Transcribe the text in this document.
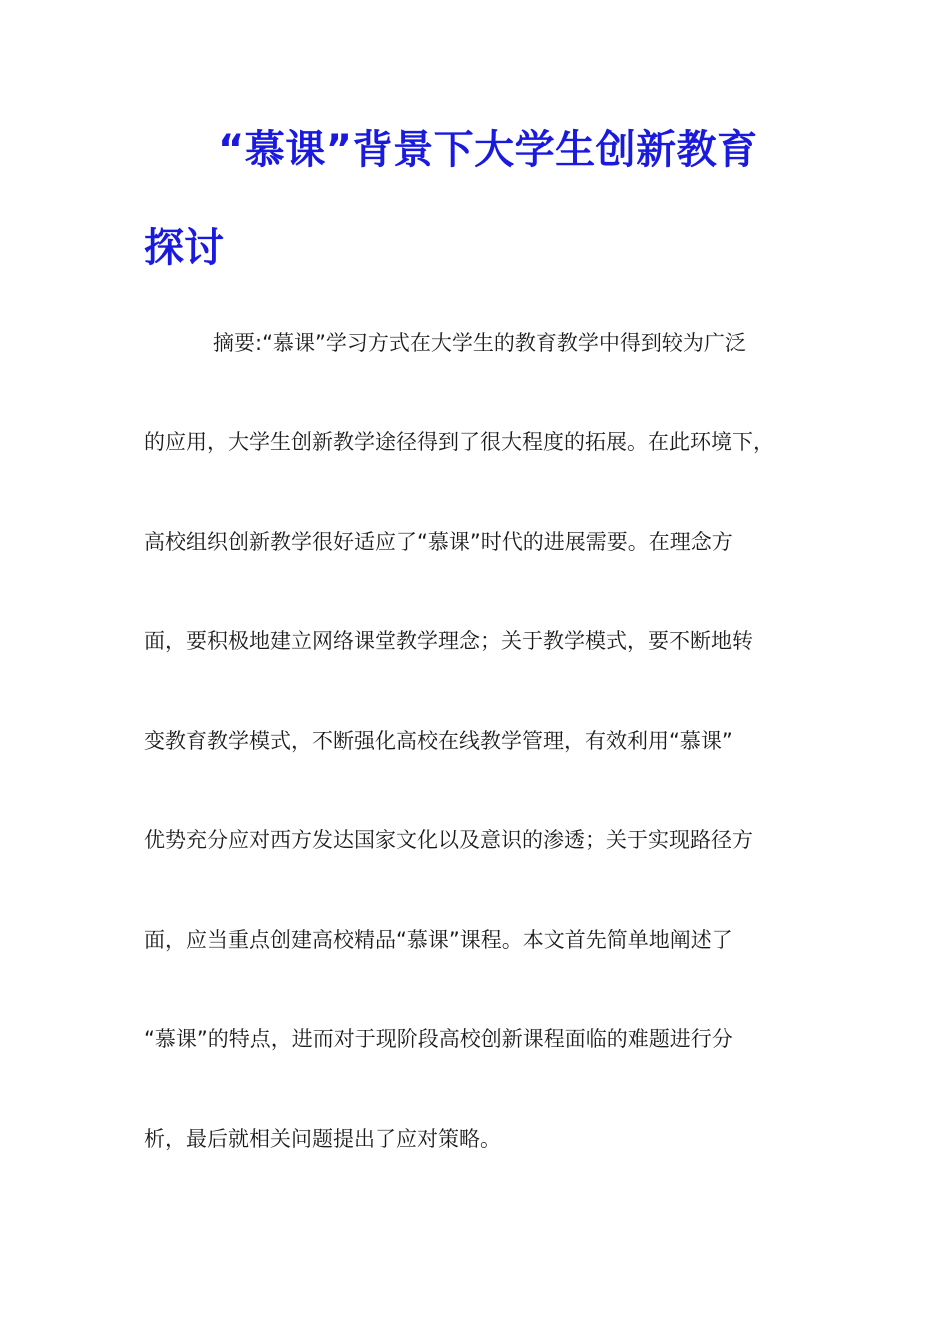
“慕课”背景下大学生创新教育
探讨
摘要:“慕课”学习方式在大学生的教育教学中得到较为广泛
的应用，大学生创新教学途径得到了很大程度的拓展。在此环境下，
高校组织创新教学很好适应了“慕课”时代的进展需要。在理念方
面，要积极地建立网络课堂教学理念；关于教学模式，要不断地转
变教育教学模式，不断强化高校在线教学管理，有效利用“慕课”
优势充分应对西方发达国家文化以及意识的渗透；关于实现路径方
面，应当重点创建高校精品“慕课”课程。本文首先简单地阐述了
“慕课”的特点，进而对于现阶段高校创新课程面临的难题进行分
析，最后就相关问题提出了应对策略。
